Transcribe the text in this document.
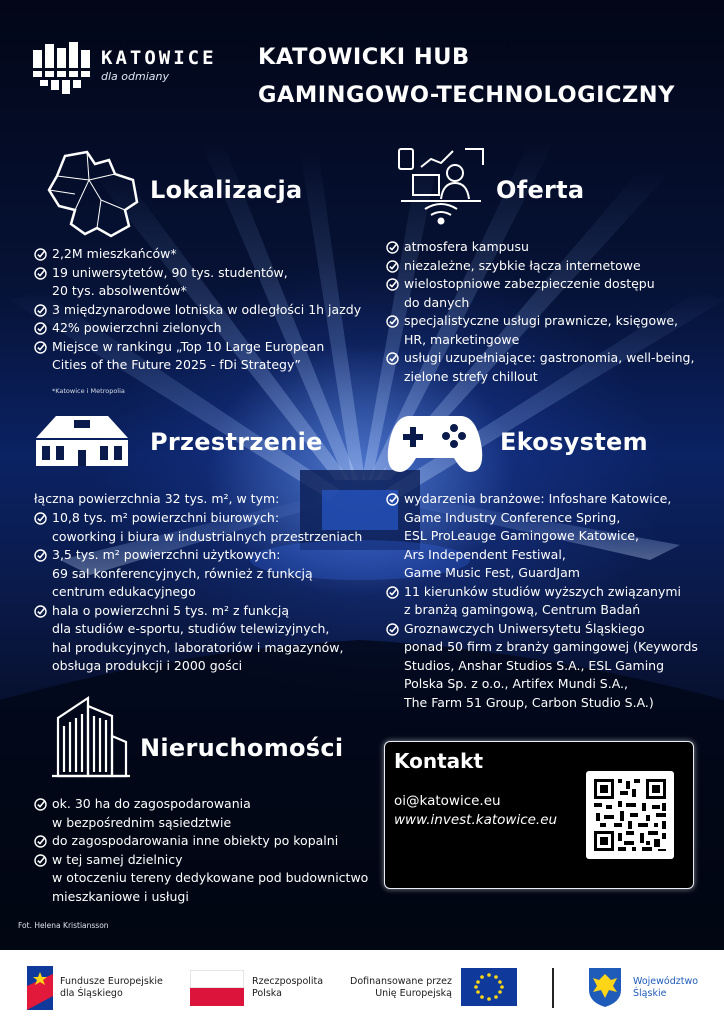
KATOWICE
dla odmiany
KATOWICKI HUB
GAMINGOWO-TECHNOLOGICZNY
Lokalizacja	Oferta
2,2M mieszkańców*
19 uniwersytetów, 90 tys. studentów,
20 tys. absolwentów*
3 międzynarodowe lotniska w odległości 1h jazdy
42% powierzchni zielonych
Miejsce w rankingu „Top 10 Large European
Cities of the Future 2025 - fDi Strategy”
*Katowice i Metropolia
atmosfera kampusu
niezależne, szybkie łącza internetowe
wielostopniowe zabezpieczenie dostępu
do danych
specjalistyczne usługi prawnicze, księgowe,
HR, marketingowe
usługi uzupełniające: gastronomia, well-being,
zielone strefy chillout
Przestrzenie	Ekosystem
łączna powierzchnia 32 tys. m², w tym:
10,8 tys. m² powierzchni biurowych:
coworking i biura w industrialnych przestrzeniach
3,5 tys. m² powierzchni użytkowych:
69 sal konferencyjnych, również z funkcją
centrum edukacyjnego
hala o powierzchni 5 tys. m² z funkcją
dla studiów e-sportu, studiów telewizyjnych,
hal produkcyjnych, laboratoriów i magazynów,
obsługa produkcji i 2000 gości
wydarzenia branżowe: Infoshare Katowice,
Game Industry Conference Spring,
ESL ProLeauge Gamingowe Katowice,
Ars Independent Festiwal,
Game Music Fest, GuardJam
11 kierunków studiów wyższych związanymi
z branżą gamingową, Centrum Badań
Groznawczych Uniwersytetu Śląskiego
ponad 50 firm z branży gamingowej (Keywords
Studios, Anshar Studios S.A., ESL Gaming
Polska Sp. z o.o., Artifex Mundi S.A.,
The Farm 51 Group, Carbon Studio S.A.)
Nieruchomości
ok. 30 ha do zagospodarowania
w bezpośrednim sąsiedztwie
do zagospodarowania inne obiekty po kopalni
w tej samej dzielnicy
w otoczeniu tereny dedykowane pod budownictwo
mieszkaniowe i usługi
Kontakt
oi@katowice.eu
www.invest.katowice.eu
Fot. Helena Kristiansson
Fundusze Europejskie
dla Śląskiego
Rzeczpospolita
Polska
Dofinansowane przez
Unię Europejską
Województwo
Śląskie
